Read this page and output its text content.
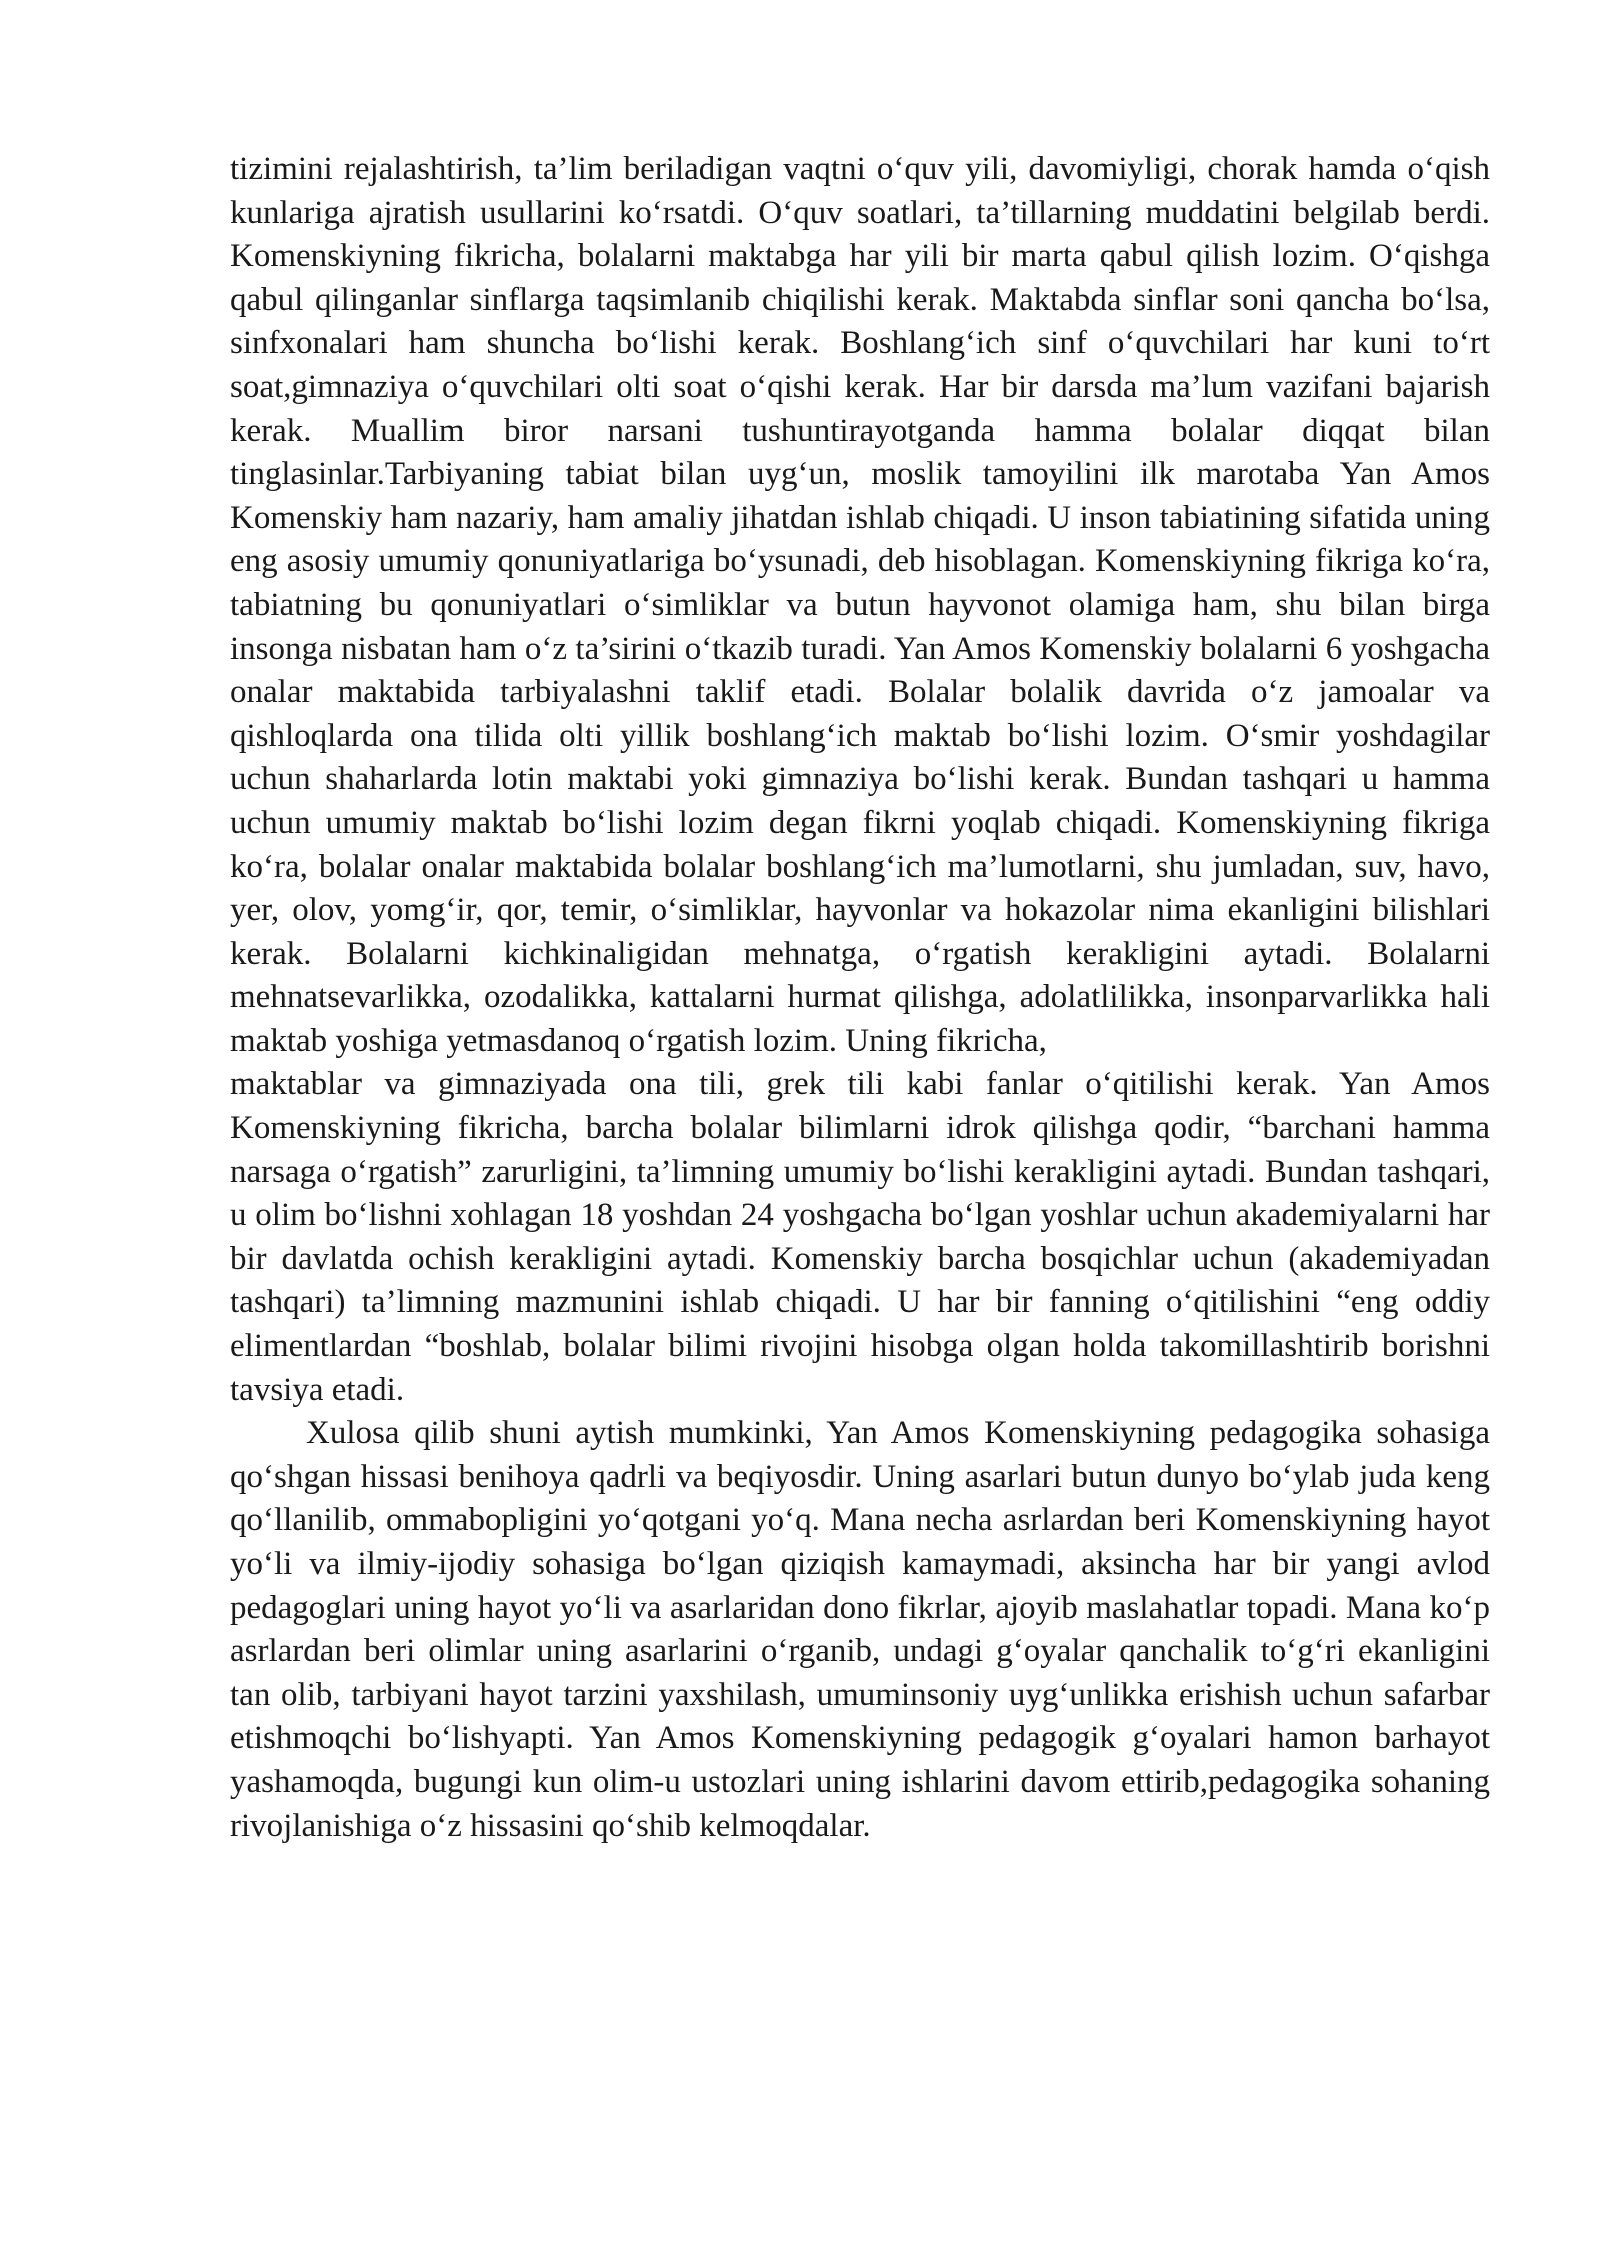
tizimini rejalashtirish, ta’lim beriladigan vaqtni o‘quv yili, davomiyligi, chorak hamda o‘qish kunlariga ajratish usullarini ko‘rsatdi. O‘quv soatlari, ta’tillarning muddatini belgilab berdi. Komenskiyning fikricha, bolalarni maktabga har yili bir marta qabul qilish lozim. O‘qishga qabul qilinganlar sinflarga taqsimlanib chiqilishi kerak. Maktabda sinflar soni qancha bo‘lsa, sinfxonalari ham shuncha bo‘lishi kerak. Boshlang‘ich sinf o‘quvchilari har kuni to‘rt soat,gimnaziya o‘quvchilari olti soat o‘qishi kerak. Har bir darsda ma’lum vazifani bajarish kerak. Muallim biror narsani tushuntirayotganda hamma bolalar diqqat bilan tinglasinlar.Tarbiyaning tabiat bilan uyg‘un, moslik tamoyilini ilk marotaba Yan Amos Komenskiy ham nazariy, ham amaliy jihatdan ishlab chiqadi. U inson tabiatining sifatida uning eng asosiy umumiy qonuniyatlariga bo‘ysunadi, deb hisoblagan. Komenskiyning fikriga ko‘ra, tabiatning bu qonuniyatlari o‘simliklar va butun hayvonot olamiga ham, shu bilan birga insonga nisbatan ham o‘z ta’sirini o‘tkazib turadi. Yan Amos Komenskiy bolalarni 6 yoshgacha onalar maktabida tarbiyalashni taklif etadi. Bolalar bolalik davrida o‘z jamoalar va qishloqlarda ona tilida olti yillik boshlang‘ich maktab bo‘lishi lozim. O‘smir yoshdagilar uchun shaharlarda lotin maktabi yoki gimnaziya bo‘lishi kerak. Bundan tashqari u hamma uchun umumiy maktab bo‘lishi lozim degan fikrni yoqlab chiqadi. Komenskiyning fikriga ko‘ra, bolalar onalar maktabida bolalar boshlang‘ich ma’lumotlarni, shu jumladan, suv, havo, yer, olov, yomg‘ir, qor, temir, o‘simliklar, hayvonlar va hokazolar nima ekanligini bilishlari kerak. Bolalarni kichkinaligidan mehnatga, o‘rgatish kerakligini aytadi. Bolalarni mehnatsevarlikka, ozodalikka, kattalarni hurmat qilishga, adolatlilikka, insonparvarlikka hali maktab yoshiga yetmasdanoq o‘rgatish lozim. Uning fikricha,

maktablar va gimnaziyada ona tili, grek tili kabi fanlar o‘qitilishi kerak. Yan Amos Komenskiyning fikricha, barcha bolalar bilimlarni idrok qilishga qodir, “barchani hamma narsaga o‘rgatish” zarurligini, ta’limning umumiy bo‘lishi kerakligini aytadi. Bundan tashqari, u olim bo‘lishni xohlagan 18 yoshdan 24 yoshgacha bo‘lgan yoshlar uchun akademiyalarni har bir davlatda ochish kerakligini aytadi. Komenskiy barcha bosqichlar uchun (akademiyadan tashqari) ta’limning mazmunini ishlab chiqadi. U har bir fanning o‘qitilishini “eng oddiy elimentlardan “boshlab, bolalar bilimi rivojini hisobga olgan holda takomillashtirib borishni tavsiya etadi.

Xulosa qilib shuni aytish mumkinki, Yan Amos Komenskiyning pedagogika sohasiga qo‘shgan hissasi benihoya qadrli va beqiyosdir. Uning asarlari butun dunyo bo‘ylab juda keng qo‘llanilib, ommabopligini yo‘qotgani yo‘q. Mana necha asrlardan beri Komenskiyning hayot yo‘li va ilmiy-ijodiy sohasiga bo‘lgan qiziqish kamaymadi, aksincha har bir yangi avlod pedagoglari uning hayot yo‘li va asarlaridan dono fikrlar, ajoyib maslahatlar topadi. Mana ko‘p asrlardan beri olimlar uning asarlarini o‘rganib, undagi g‘oyalar qanchalik to‘g‘ri ekanligini tan olib, tarbiyani hayot tarzini yaxshilash, umuminsoniy uyg‘unlikka erishish uchun safarbar etishmoqchi bo‘lishyapti. Yan Amos Komenskiyning pedagogik g‘oyalari hamon barhayot yashamoqda, bugungi kun olim-u ustozlari uning ishlarini davom ettirib,pedagogika sohaning rivojlanishiga o‘z hissasini qo‘shib kelmoqdalar.
